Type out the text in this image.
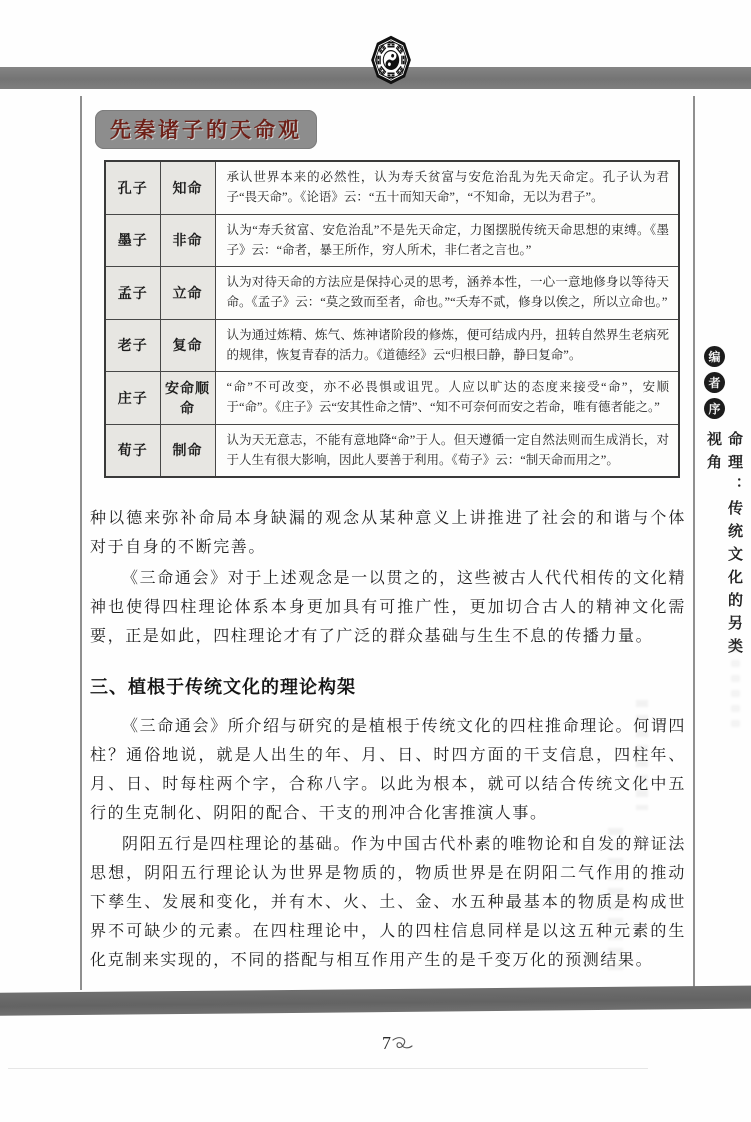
先秦诸子的天命观
孔子	知命	承认世界本来的必然性，认为寿夭贫富与安危治乱为先天命定。孔子认为君子“畏天命”。《论语》云：“五十而知天命”，“不知命，无以为君子”。
墨子	非命	认为“寿夭贫富、安危治乱”不是先天命定，力图摆脱传统天命思想的束缚。《墨子》云：“命者，暴王所作，穷人所术，非仁者之言也。”
孟子	立命	认为对待天命的方法应是保持心灵的思考，涵养本性，一心一意地修身以等待天命。《孟子》云：“莫之致而至者，命也。”“夭寿不贰，修身以俟之，所以立命也。”
老子	复命	认为通过炼精、炼气、炼神诸阶段的修炼，便可结成内丹，扭转自然界生老病死的规律，恢复青春的活力。《道德经》云“归根曰静，静曰复命”。
庄子	安命顺命	“命”不可改变，亦不必畏惧或诅咒。人应以旷达的态度来接受“命”，安顺于“命”。《庄子》云“安其性命之情”、“知不可奈何而安之若命，唯有德者能之。”
荀子	制命	认为天无意志，不能有意地降“命”于人。但天遵循一定自然法则而生成消长，对于人生有很大影响，因此人要善于利用。《荀子》云：“制天命而用之”。

种以德来弥补命局本身缺漏的观念从某种意义上讲推进了社会的和谐与个体对于自身的不断完善。

《三命通会》对于上述观念是一以贯之的，这些被古人代代相传的文化精神也使得四柱理论体系本身更加具有可推广性，更加切合古人的精神文化需要，正是如此，四柱理论才有了广泛的群众基础与生生不息的传播力量。

三、植根于传统文化的理论构架

《三命通会》所介绍与研究的是植根于传统文化的四柱推命理论。何谓四柱？通俗地说，就是人出生的年、月、日、时四方面的干支信息，四柱年、月、日、时每柱两个字，合称八字。以此为根本，就可以结合传统文化中五行的生克制化、阴阳的配合、干支的刑冲合化害推演人事。

阴阳五行是四柱理论的基础。作为中国古代朴素的唯物论和自发的辩证法思想，阴阳五行理论认为世界是物质的，物质世界是在阴阳二气作用的推动下孳生、发展和变化，并有木、火、土、金、水五种最基本的物质是构成世界不可缺少的元素。在四柱理论中，人的四柱信息同样是以这五种元素的生化克制来实现的，不同的搭配与相互作用产生的是千变万化的预测结果。

编
者
序
命理：传统文化的另类视角
7
